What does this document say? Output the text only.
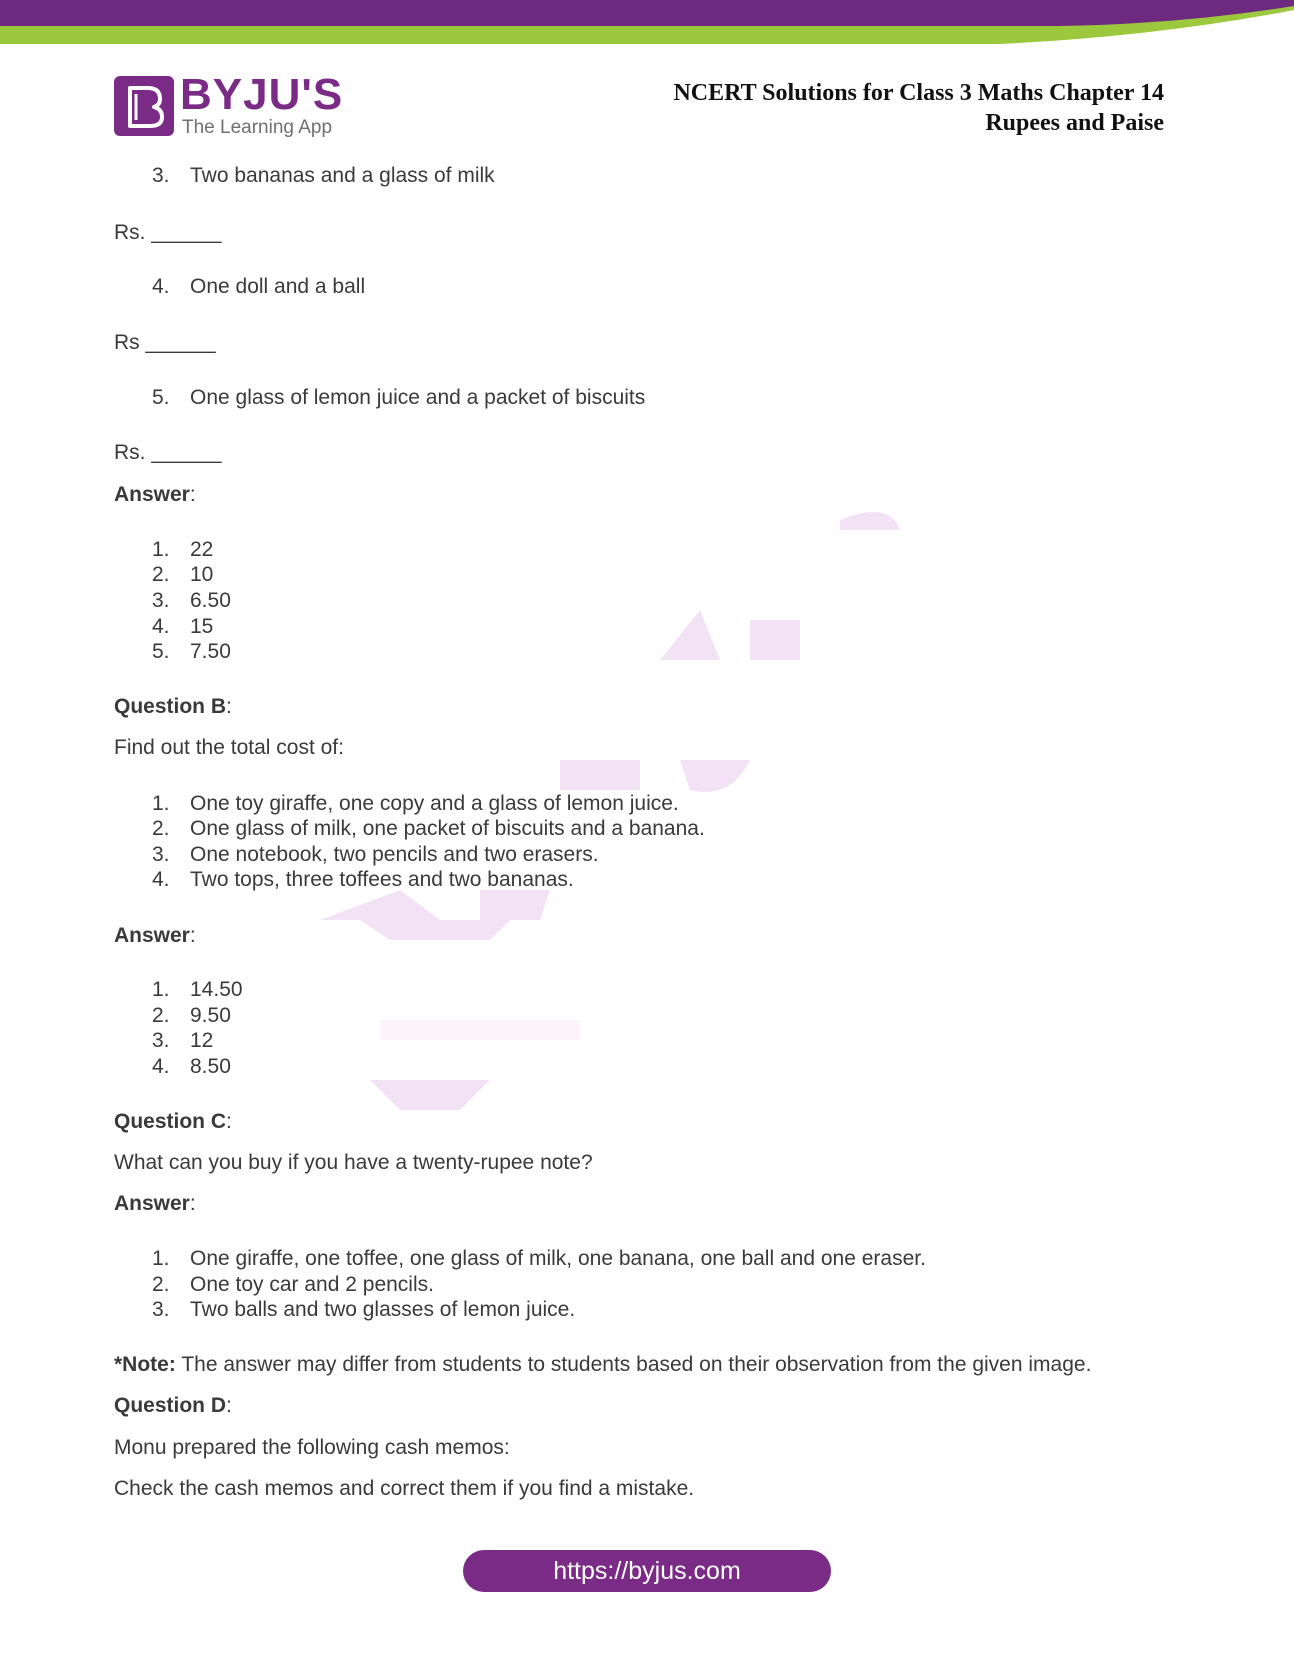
BYJU'S
The Learning App
NCERT Solutions for Class 3 Maths Chapter 14
Rupees and Paise
3. Two bananas and a glass of milk
Rs. ______
4. One doll and a ball
Rs ______
5. One glass of lemon juice and a packet of biscuits
Rs. ______
Answer:
1. 22
2. 10
3. 6.50
4. 15
5. 7.50
Question B:
Find out the total cost of:
1. One toy giraffe, one copy and a glass of lemon juice.
2. One glass of milk, one packet of biscuits and a banana.
3. One notebook, two pencils and two erasers.
4. Two tops, three toffees and two bananas.
Answer:
1. 14.50
2. 9.50
3. 12
4. 8.50
Question C:
What can you buy if you have a twenty-rupee note?
Answer:
1. One giraffe, one toffee, one glass of milk, one banana, one ball and one eraser.
2. One toy car and 2 pencils.
3. Two balls and two glasses of lemon juice.
*Note: The answer may differ from students to students based on their observation from the given image.
Question D:
Monu prepared the following cash memos:
Check the cash memos and correct them if you find a mistake.
https://byjus.com
